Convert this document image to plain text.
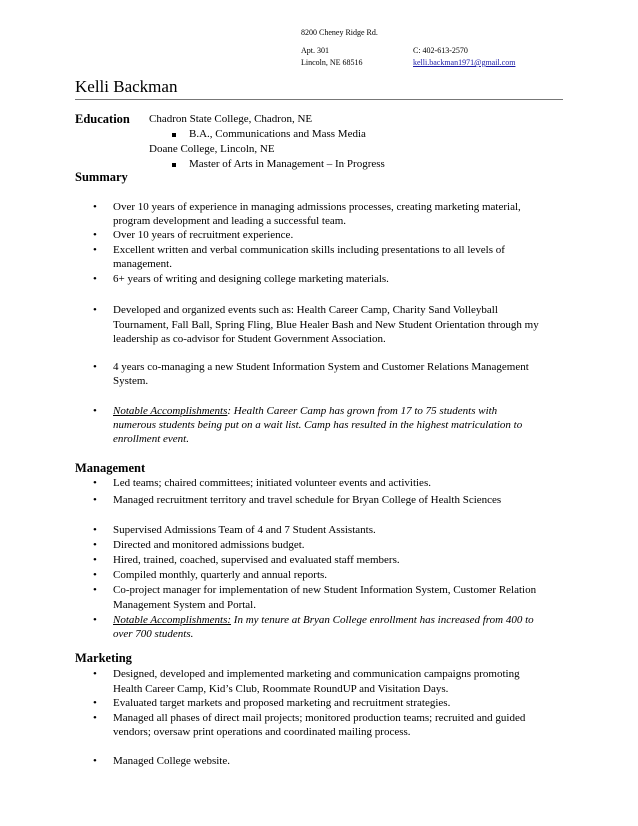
8200 Cheney Ridge Rd.
Apt. 301
Lincoln, NE 68516
C: 402-613-2570
kelli.backman1971@gmail.com
Kelli Backman
Education Chadron State College, Chadron, NE
B.A., Communications and Mass Media
Doane College, Lincoln, NE
Master of Arts in Management – In Progress
Summary
• Over 10 years of experience in managing admissions processes, creating marketing material,
program development and leading a successful team.
• Over 10 years of recruitment experience.
• Excellent written and verbal communication skills including presentations to all levels of
management.
• 6+ years of writing and designing college marketing materials.
• Developed and organized events such as: Health Career Camp, Charity Sand Volleyball
Tournament, Fall Ball, Spring Fling, Blue Healer Bash and New Student Orientation through my
leadership as co-advisor for Student Government Association.
• 4 years co-managing a new Student Information System and Customer Relations Management
System.
• Notable Accomplishments: Health Career Camp has grown from 17 to 75 students with
numerous students being put on a wait list. Camp has resulted in the highest matriculation to
enrollment event.
Management
• Led teams; chaired committees; initiated volunteer events and activities.
• Managed recruitment territory and travel schedule for Bryan College of Health Sciences
• Supervised Admissions Team of 4 and 7 Student Assistants.
• Directed and monitored admissions budget.
• Hired, trained, coached, supervised and evaluated staff members.
• Compiled monthly, quarterly and annual reports.
• Co-project manager for implementation of new Student Information System, Customer Relation
Management System and Portal.
• Notable Accomplishments: In my tenure at Bryan College enrollment has increased from 400 to
over 700 students.
Marketing
• Designed, developed and implemented marketing and communication campaigns promoting
Health Career Camp, Kid’s Club, Roommate RoundUP and Visitation Days.
• Evaluated target markets and proposed marketing and recruitment strategies.
• Managed all phases of direct mail projects; monitored production teams; recruited and guided
vendors; oversaw print operations and coordinated mailing process.
• Managed College website.
